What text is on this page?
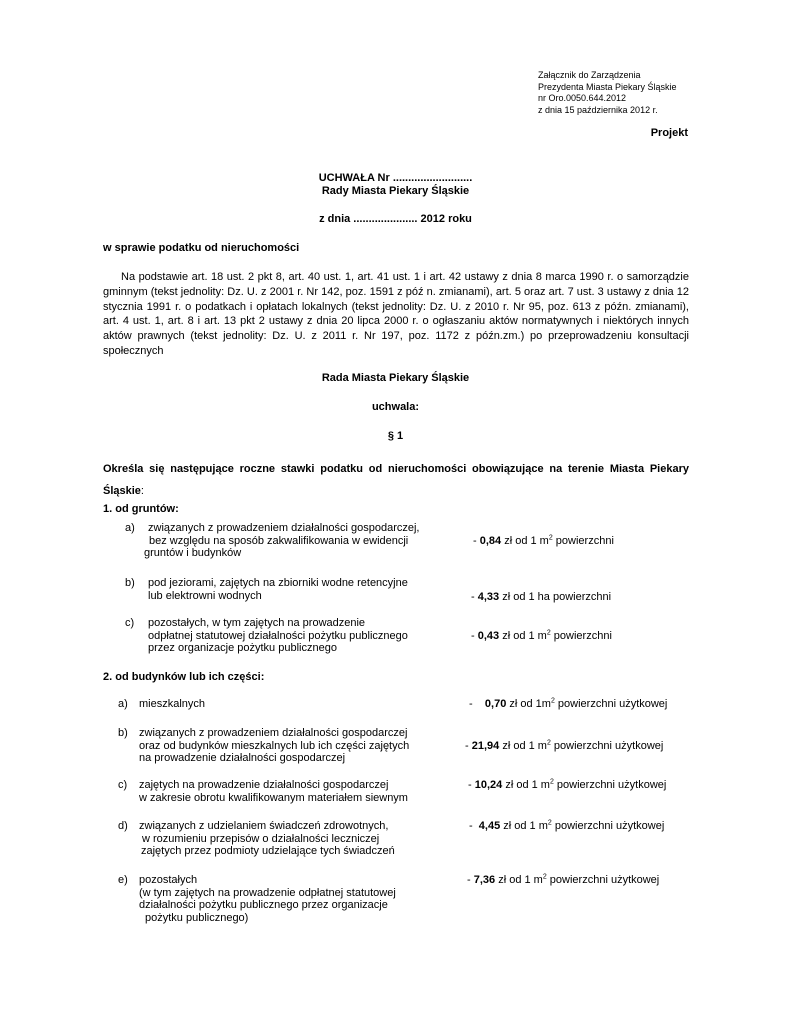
Załącznik do Zarządzenia
Prezydenta Miasta Piekary Śląskie
nr Oro.0050.644.2012
z dnia 15 października 2012 r.
Projekt
UCHWAŁA Nr ..........................
Rady Miasta Piekary Śląskie
z dnia ..................... 2012 roku
w sprawie podatku od nieruchomości
Na podstawie art. 18 ust. 2 pkt 8, art. 40 ust. 1, art. 41 ust. 1 i art. 42 ustawy z dnia 8 marca 1990 r. o samorządzie gminnym (tekst jednolity: Dz. U. z 2001 r. Nr 142, poz. 1591 z póź n. zmianami), art. 5 oraz art. 7 ust. 3 ustawy z dnia 12 stycznia 1991 r. o podatkach i opłatach lokalnych (tekst jednolity: Dz. U. z 2010 r. Nr 95, poz. 613 z późn. zmianami), art. 4 ust. 1, art. 8 i art. 13 pkt 2 ustawy z dnia 20 lipca 2000 r. o ogłaszaniu aktów normatywnych i niektórych innych aktów prawnych (tekst jednolity: Dz. U. z 2011 r. Nr 197, poz. 1172 z późn.zm.) po przeprowadzeniu konsultacji społecznych
Rada Miasta Piekary Śląskie
uchwala:
§ 1
Określa się następujące roczne stawki podatku od nieruchomości obowiązujące na terenie Miasta Piekary Śląskie:
1. od gruntów:
a) związanych z prowadzeniem działalności gospodarczej,
bez względu na sposób zakwalifikowania w ewidencji
gruntów i budynków
- 0,84 zł od 1 $m^2$ powierzchni
b) pod jeziorami, zajętych na zbiorniki wodne retencyjne
lub elektrowni wodnych	- 4,33 zł od 1 ha powierzchni
c) pozostałych, w tym zajętych na prowadzenie
odpłatnej statutowej działalności pożytku publicznego
przez organizacje pożytku publicznego
- 0,43 zł od 1 $m^2$ powierzchni
2. od budynków lub ich części:
a) mieszkalnych	-    0,70 zł od $1m^2$ powierzchni użytkowej
b) związanych z prowadzeniem działalności gospodarczej
oraz od budynków mieszkalnych lub ich części zajętych
na prowadzenie działalności gospodarczej
- 21,94 zł od 1 $m^2$ powierzchni użytkowej
c) zajętych na prowadzenie działalności gospodarczej
w zakresie obrotu kwalifikowanym materiałem siewnym
- 10,24 zł od 1 $m^2$ powierzchni użytkowej
d) związanych z udzielaniem świadczeń zdrowotnych,
w rozumieniu przepisów o działalności leczniczej
zajętych przez podmioty udzielające tych świadczeń
-  4,45 zł od 1 $m^2$ powierzchni użytkowej
e) pozostałych
(w tym zajętych na prowadzenie odpłatnej statutowej
działalności pożytku publicznego przez organizacje
pożytku publicznego)
- 7,36 zł od 1 $m^2$ powierzchni użytkowej
